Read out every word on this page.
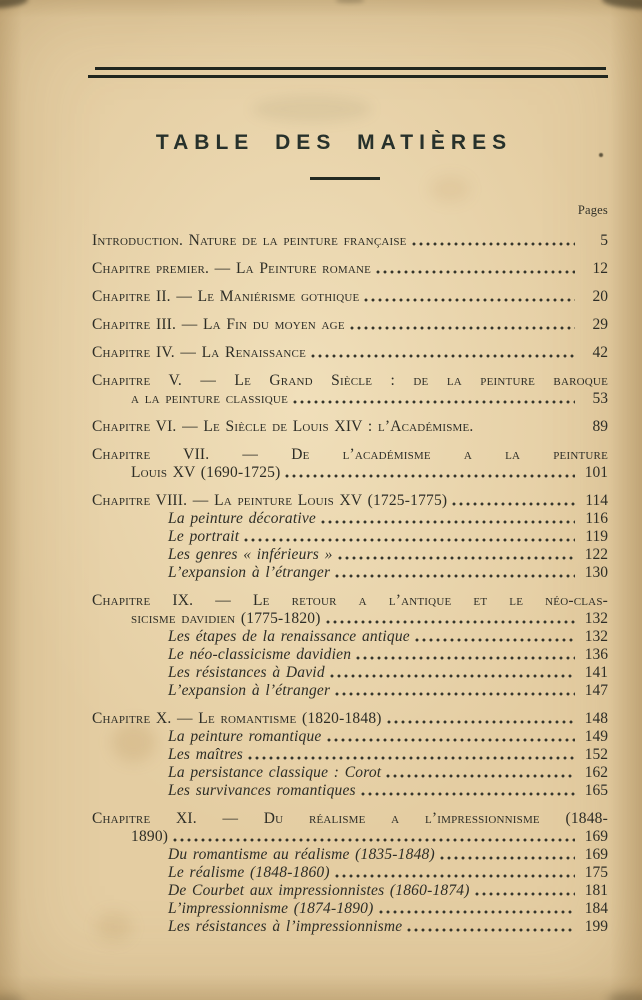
TABLE DES MATIÈRES
Pages
Introduction. Nature de la peinture française	5
Chapitre premier. — La Peinture romane	12
Chapitre II. — Le Maniérisme gothique	20
Chapitre III. — La Fin du moyen age	29
Chapitre IV. — La Renaissance	42
Chapitre V. — Le Grand Siècle : de la peinture baroque
a la peinture classique	53
Chapitre VI. — Le Siècle de Louis XIV : l’Académisme.	89
Chapitre VII. — De l’académisme a la peinture
Louis XV (1690-1725)	101
Chapitre VIII. — La peinture Louis XV (1725-1775)	114
La peinture décorative	116
Le portrait	119
Les genres « inférieurs »	122
L’expansion à l’étranger	130
Chapitre IX. — Le retour a l’antique et le néo-clas-
sicisme davidien (1775-1820)	132
Les étapes de la renaissance antique	132
Le néo-classicisme davidien	136
Les résistances à David	141
L’expansion à l’étranger	147
Chapitre X. — Le romantisme (1820-1848)	148
La peinture romantique	149
Les maîtres	152
La persistance classique : Corot	162
Les survivances romantiques	165
Chapitre XI. — Du réalisme a l’impressionnisme (1848-
1890)	169
Du romantisme au réalisme (1835-1848)	169
Le réalisme (1848-1860)	175
De Courbet aux impressionnistes (1860-1874)	181
L’impressionnisme (1874-1890)	184
Les résistances à l’impressionnisme	199
